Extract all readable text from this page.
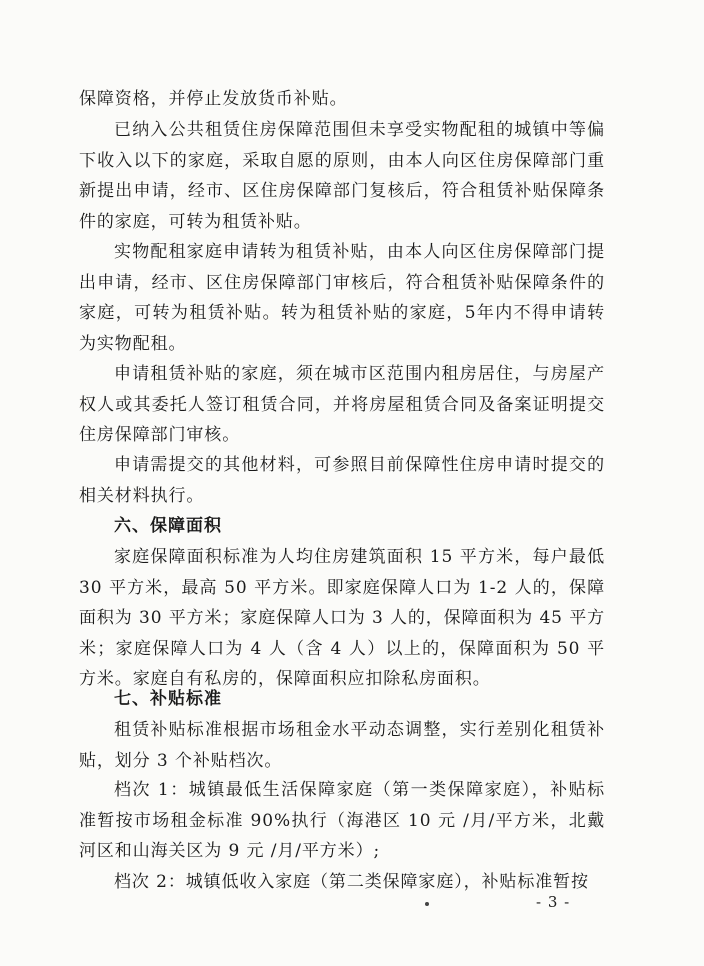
保障资格，并停止发放货币补贴。

已纳入公共租赁住房保障范围但未享受实物配租的城镇中等偏下收入以下的家庭，采取自愿的原则，由本人向区住房保障部门重新提出申请，经市、区住房保障部门复核后，符合租赁补贴保障条件的家庭，可转为租赁补贴。

实物配租家庭申请转为租赁补贴，由本人向区住房保障部门提出申请，经市、区住房保障部门审核后，符合租赁补贴保障条件的家庭，可转为租赁补贴。转为租赁补贴的家庭，5年内不得申请转为实物配租。

申请租赁补贴的家庭，须在城市区范围内租房居住，与房屋产权人或其委托人签订租赁合同，并将房屋租赁合同及备案证明提交住房保障部门审核。

申请需提交的其他材料，可参照目前保障性住房申请时提交的相关材料执行。

六、保障面积

家庭保障面积标准为人均住房建筑面积 15 平方米，每户最低 30 平方米，最高 50 平方米。即家庭保障人口为 1-2 人的，保障面积为 30 平方米；家庭保障人口为 3 人的，保障面积为 45 平方米；家庭保障人口为 4 人（含 4 人）以上的，保障面积为 50 平方米。家庭自有私房的，保障面积应扣除私房面积。

七、补贴标准

租赁补贴标准根据市场租金水平动态调整，实行差别化租赁补贴，划分 3 个补贴档次。

档次 1：城镇最低生活保障家庭（第一类保障家庭），补贴标准暂按市场租金标准 90%执行（海港区 10 元 /月/平方米，北戴河区和山海关区为 9 元 /月/平方米）;

档次 2：城镇低收入家庭（第二类保障家庭），补贴标准暂按

- 3 -
